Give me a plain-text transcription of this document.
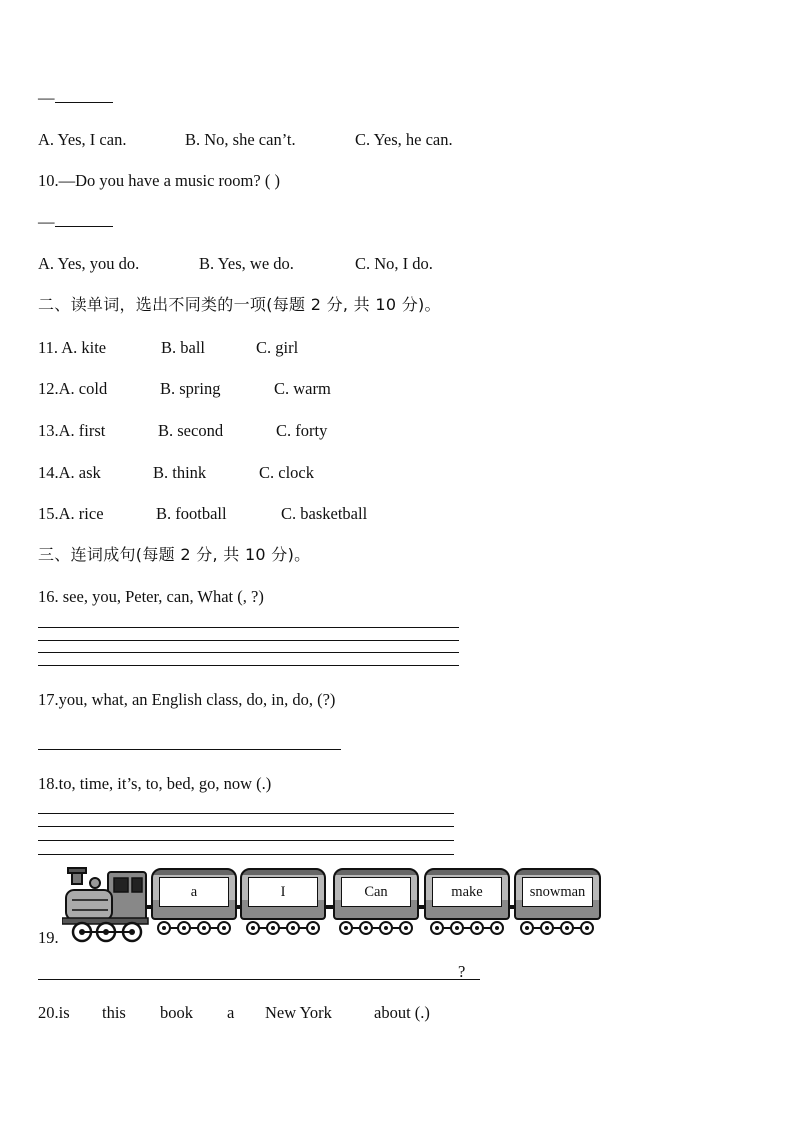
—
A. Yes, I can.	B. No, she can’t.	C. Yes, he can.
10.—Do you have a music room? ( )
—
A. Yes, you do.	B. Yes, we do.	C. No, I do.
二、读单词，选出不同类的一项(每题 2 分, 共 10 分)。
11. A. kite	B. ball	C. girl
12.A. cold	B. spring	C. warm
13.A. first	B. second	C. forty
14.A. ask	B. think	C. clock
15.A. rice	B. football	C. basketball
三、连词成句(每题 2 分, 共 10 分)。
16. see, you, Peter, can, What (, ?)
17.you, what, an English class, do, in, do, (?)
18.to, time, it’s, to, bed, go, now (.)
19.
a	I	Can	make	snowman
?
20.is this book a New York	about (.)
